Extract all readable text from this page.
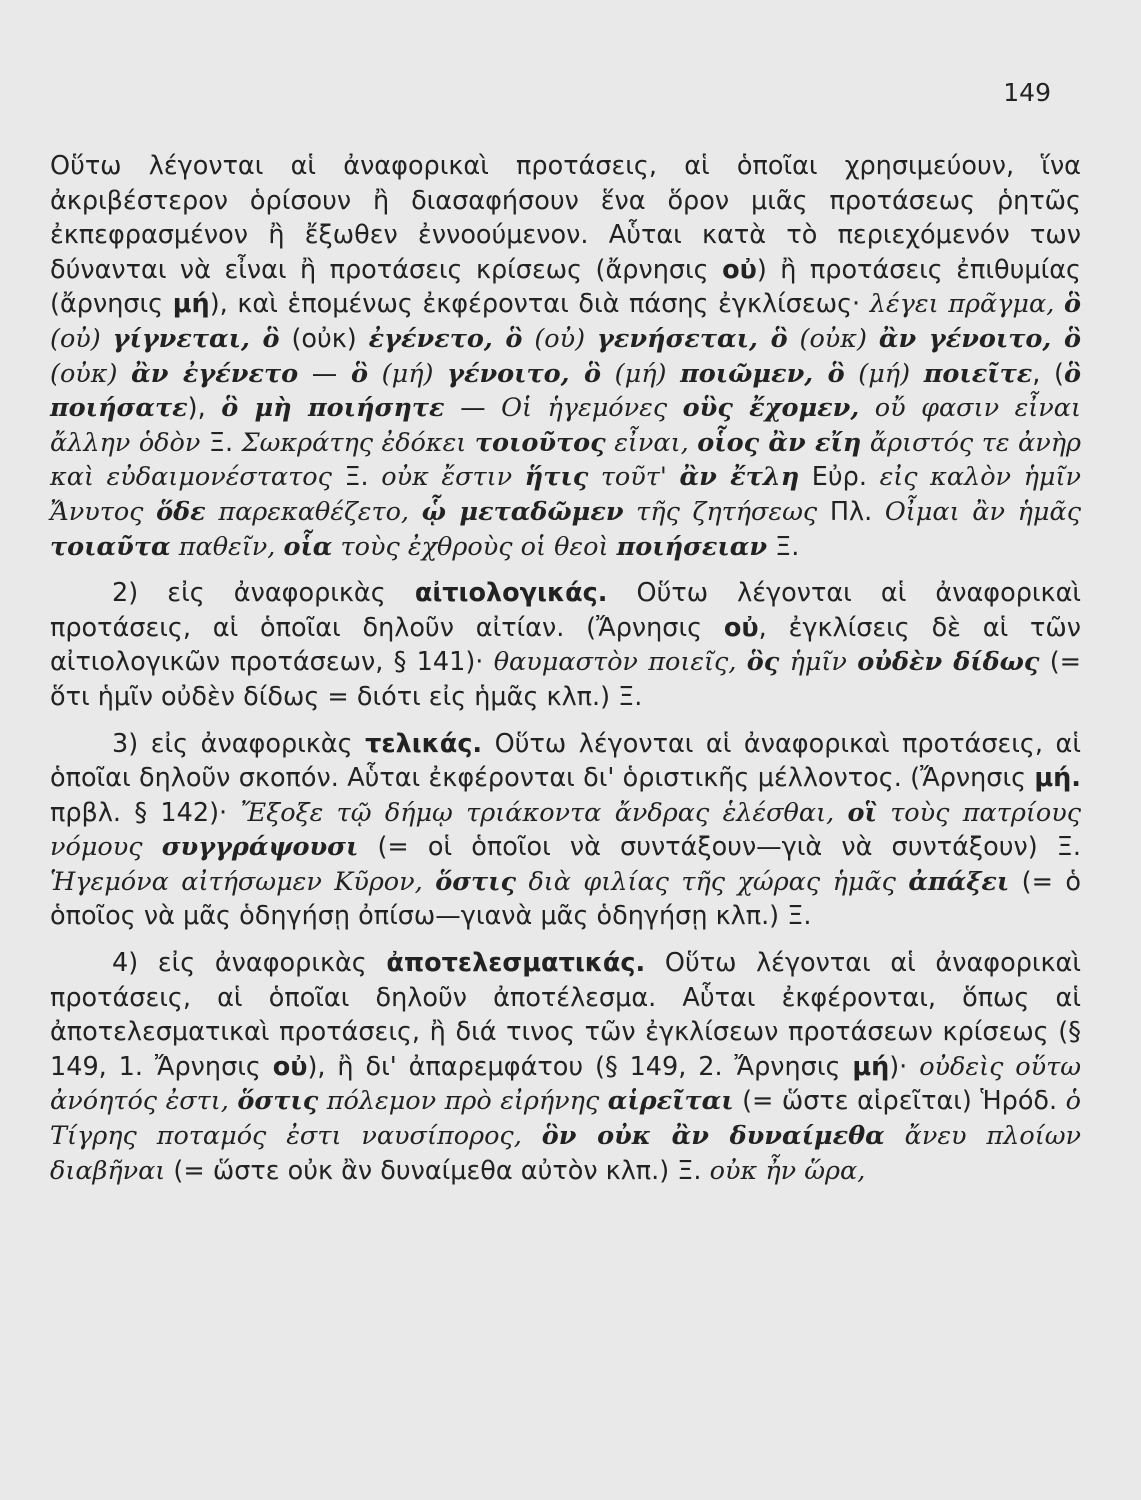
149

Οὕτω λέγονται αἱ ἀναφορικαὶ προτάσεις, αἱ ὁποῖαι χρησιμεύουν, ἵνα ἀκριβέστερον ὁρίσουν ἢ διασαφήσουν ἕνα ὅρον μιᾶς προτάσεως ῥητῶς ἐκπεφρασμένον ἢ ἔξωθεν ἐννοούμενον. Αὗται κατὰ τὸ περιεχόμενόν των δύνανται νὰ εἶναι ἢ προτάσεις κρίσεως (ἄρνησις οὐ) ἢ προτάσεις ἐπιθυμίας (ἄρνησις μή), καὶ ἑπομένως ἐκφέρονται διὰ πάσης ἐγκλίσεως· λέγει πρᾶγμα, ὃ (οὐ) γίγνεται, ὃ (οὐκ) ἐγένετο, ὃ (οὐ) γενήσεται, ὃ (οὐκ) ἂν γένοιτο, ὃ (οὐκ) ἂν ἐγένετο — ὃ (μή) γένοιτο, ὃ (μή) ποιῶμεν, ὃ (μή) ποιεῖτε, (ὃ ποιήσατε), ὃ μὴ ποιήσητε — Οἱ ἡγεμόνες οὓς ἔχομεν, οὔ φασιν εἶναι ἄλλην ὁδὸν Ξ. Σωκράτης ἐδόκει τοιοῦτος εἶναι, οἷος ἂν εἴη ἄριστός τε ἀνὴρ καὶ εὐδαιμονέστατος Ξ. οὐκ ἔστιν ἥτις τοῦτ' ἂν ἔτλη Εὐρ. εἰς καλὸν ἡμῖν Ἄνυτος ὅδε παρεκαθέζετο, ᾧ μεταδῶμεν τῆς ζητήσεως Πλ. Οἶμαι ἂν ἡμᾶς τοιαῦτα παθεῖν, οἷα τοὺς ἐχθροὺς οἱ θεοὶ ποιήσειαν Ξ.

2) εἰς ἀναφορικὰς αἰτιολογικάς. Οὕτω λέγονται αἱ ἀναφορικαὶ προτάσεις, αἱ ὁποῖαι δηλοῦν αἰτίαν. (Ἄρνησις οὐ, ἐγκλίσεις δὲ αἱ τῶν αἰτιολογικῶν προτάσεων, § 141)· θαυμαστὸν ποιεῖς, ὃς ἡμῖν οὐδὲν δίδως (= ὅτι ἡμῖν οὐδὲν δίδως = διότι εἰς ἡμᾶς κλπ.) Ξ.

3) εἰς ἀναφορικὰς τελικάς. Οὕτω λέγονται αἱ ἀναφορικαὶ προτάσεις, αἱ ὁποῖαι δηλοῦν σκοπόν. Αὗται ἐκφέρονται δι' ὁριστικῆς μέλλοντος. (Ἄρνησις μή. πρβλ. § 142)· Ἔξοξε τῷ δήμῳ τριάκοντα ἄνδρας ἑλέσθαι, οἳ τοὺς πατρίους νόμους συγγράψουσι (= οἱ ὁποῖοι νὰ συντάξουν—γιὰ νὰ συντάξουν) Ξ. Ἡγεμόνα αἰτήσωμεν Κῦρον, ὅστις διὰ φιλίας τῆς χώρας ἡμᾶς ἀπάξει (= ὁ ὁποῖος νὰ μᾶς ὁδηγήσῃ ὀπίσω—γιανὰ μᾶς ὁδηγήσῃ κλπ.) Ξ.

4) εἰς ἀναφορικὰς ἀποτελεσματικάς. Οὕτω λέγονται αἱ ἀναφορικαὶ προτάσεις, αἱ ὁποῖαι δηλοῦν ἀποτέλεσμα. Αὗται ἐκφέρονται, ὅπως αἱ ἀποτελεσματικαὶ προτάσεις, ἢ διά τινος τῶν ἐγκλίσεων προτάσεων κρίσεως (§ 149, 1. Ἄρνησις οὐ), ἢ δι' ἀπαρεμφάτου (§ 149, 2. Ἄρνησις μή)· οὐδεὶς οὕτω ἀνόητός ἐστι, ὅστις πόλεμον πρὸ εἰρήνης αἱρεῖται (= ὥστε αἱρεῖται) Ἡρόδ. ὁ Τίγρης ποταμός ἐστι ναυσίπορος, ὃν οὐκ ἂν δυναίμεθα ἄνευ πλοίων διαβῆναι (= ὥστε οὐκ ἂν δυναίμεθα αὐτὸν κλπ.) Ξ. οὐκ ἦν ὥρα,
